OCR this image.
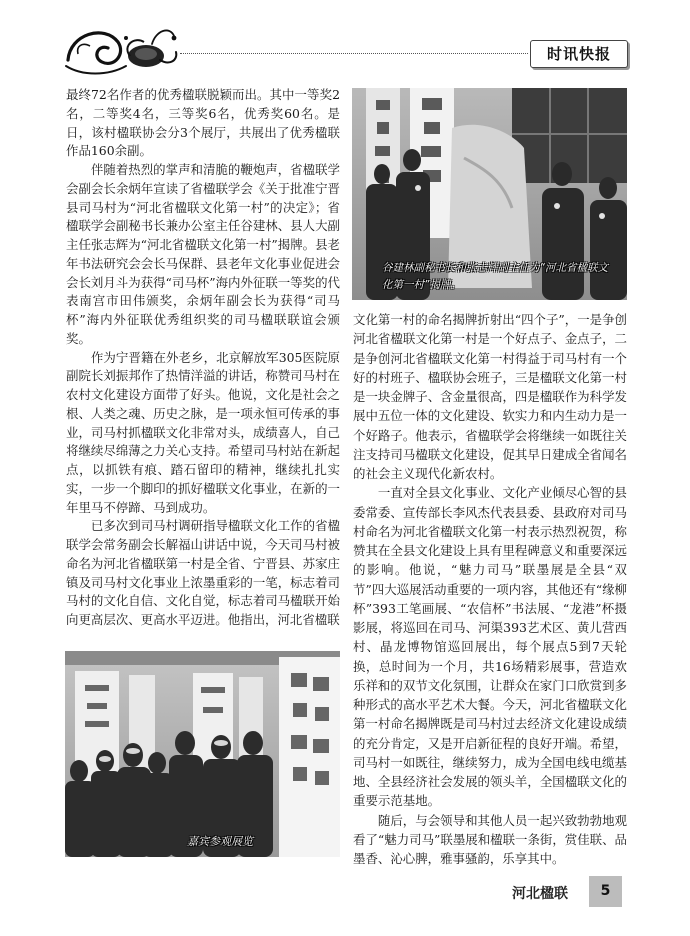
时讯快报

最终72名作者的优秀楹联脱颖而出。其中一等奖2名，二等奖4名，三等奖6名，优秀奖60名。是日，该村楹联协会分3个展厅，共展出了优秀楹联作品160余副。

伴随着热烈的掌声和清脆的鞭炮声，省楹联学会副会长余炳年宣读了省楹联学会《关于批准宁晋县司马村为“河北省楹联文化第一村”的决定》；省楹联学会副秘书长兼办公室主任谷建林、县人大副主任张志辉为“河北省楹联文化第一村”揭牌。县老年书法研究会会长马保群、县老年文化事业促进会会长刘月斗为获得“司马杯”海内外征联一等奖的代表南宫市田伟颁奖，余炳年副会长为获得“司马杯”海内外征联优秀组织奖的司马楹联联谊会颁奖。

作为宁晋籍在外老乡，北京解放军305医院原副院长刘振邦作了热情洋溢的讲话，称赞司马村在农村文化建设方面带了好头。他说，文化是社会之根、人类之魂、历史之脉，是一项永恒可传承的事业，司马村抓楹联文化非常对头，成绩喜人，自己将继续尽绵薄之力关心支持。希望司马村站在新起点，以抓铁有痕、踏石留印的精神，继续扎扎实实，一步一个脚印的抓好楹联文化事业，在新的一年里马不停蹄、马到成功。

已多次到司马村调研指导楹联文化工作的省楹联学会常务副会长解福山讲话中说，今天司马村被命名为河北省楹联第一村是全省、宁晋县、苏家庄镇及司马村文化事业上浓墨重彩的一笔，标志着司马村的文化自信、文化自觉，标志着司马楹联开始向更高层次、更高水平迈进。他指出，河北省楹联

谷建林副秘书长和张志辉副主任为“河北省楹联文化第一村”揭牌。

文化第一村的命名揭牌折射出“四个子”，一是争创河北省楹联文化第一村是一个好点子、金点子，二是争创河北省楹联文化第一村得益于司马村有一个好的村班子、楹联协会班子，三是楹联文化第一村是一块金牌子、含金量很高，四是楹联作为科学发展中五位一体的文化建设、软实力和内生动力是一个好路子。他表示，省楹联学会将继续一如既往关注支持司马楹联文化建设，促其早日建成全省闻名的社会主义现代化新农村。

一直对全县文化事业、文化产业倾尽心智的县委常委、宣传部长李风杰代表县委、县政府对司马村命名为河北省楹联文化第一村表示热烈祝贺，称赞其在全县文化建设上具有里程碑意义和重要深远的影响。他说，“魅力司马”联墨展是全县“双节”四大巡展活动重要的一项内容，其他还有“缘柳杯”393工笔画展、“农信杯”书法展、“龙港”杯摄影展，将巡回在司马、河渠393艺术区、黄儿营西村、晶龙博物馆巡回展出，每个展点5到7天轮换，总时间为一个月，共16场精彩展事，营造欢乐祥和的双节文化氛围，让群众在家门口欣赏到多种形式的高水平艺术大餐。今天，河北省楹联文化第一村命名揭牌既是司马村过去经济文化建设成绩的充分肯定，又是开启新征程的良好开端。希望，司马村一如既往，继续努力，成为全国电线电缆基地、全县经济社会发展的领头羊，全国楹联文化的重要示范基地。

随后，与会领导和其他人员一起兴致勃勃地观看了“魅力司马”联墨展和楹联一条街，赏佳联、品墨香、沁心脾，雅事骚韵，乐享其中。

嘉宾参观展览
河北楹联	5
